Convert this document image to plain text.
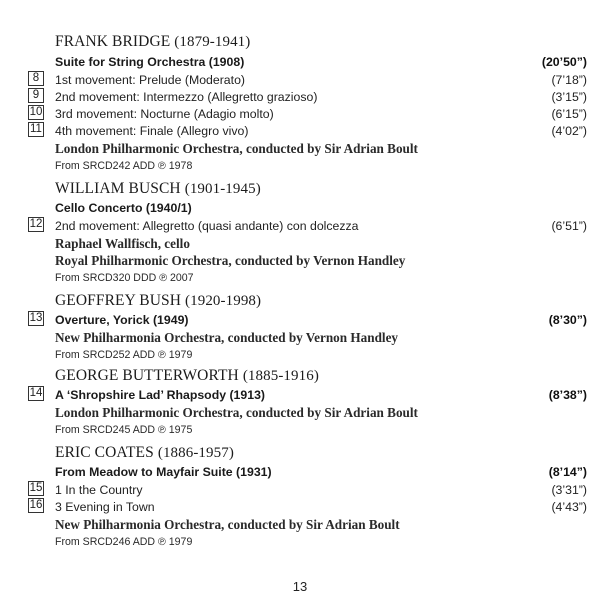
FRANK BRIDGE (1879-1941)
Suite for String Orchestra (1908)	(20’50”)
8	1st movement: Prelude (Moderato)	(7’18”)
9	2nd movement: Intermezzo (Allegretto grazioso)	(3’15”)
10 3rd movement: Nocturne (Adagio molto)	(6’15”)
11 4th movement: Finale (Allegro vivo)	(4’02”)
London Philharmonic Orchestra, conducted by Sir Adrian Boult
From SRCD242 ADD ℗ 1978
WILLIAM BUSCH (1901-1945)
Cello Concerto (1940/1)
12 2nd movement: Allegretto (quasi andante) con dolcezza	(6’51”)
Raphael Wallfisch, cello
Royal Philharmonic Orchestra, conducted by Vernon Handley
From SRCD320 DDD ℗ 2007
GEOFFREY BUSH (1920-1998)
13 Overture, Yorick (1949)	(8’30”)
New Philharmonia Orchestra, conducted by Vernon Handley
From SRCD252 ADD ℗ 1979
GEORGE BUTTERWORTH (1885-1916)
14 A ‘Shropshire Lad’ Rhapsody (1913)	(8’38”)
London Philharmonic Orchestra, conducted by Sir Adrian Boult
From SRCD245 ADD ℗ 1975
ERIC COATES (1886-1957)
From Meadow to Mayfair Suite (1931)	(8’14”)
15 1 In the Country	(3’31”)
16 3 Evening in Town	(4’43”)
New Philharmonia Orchestra, conducted by Sir Adrian Boult
From SRCD246 ADD ℗ 1979
13
